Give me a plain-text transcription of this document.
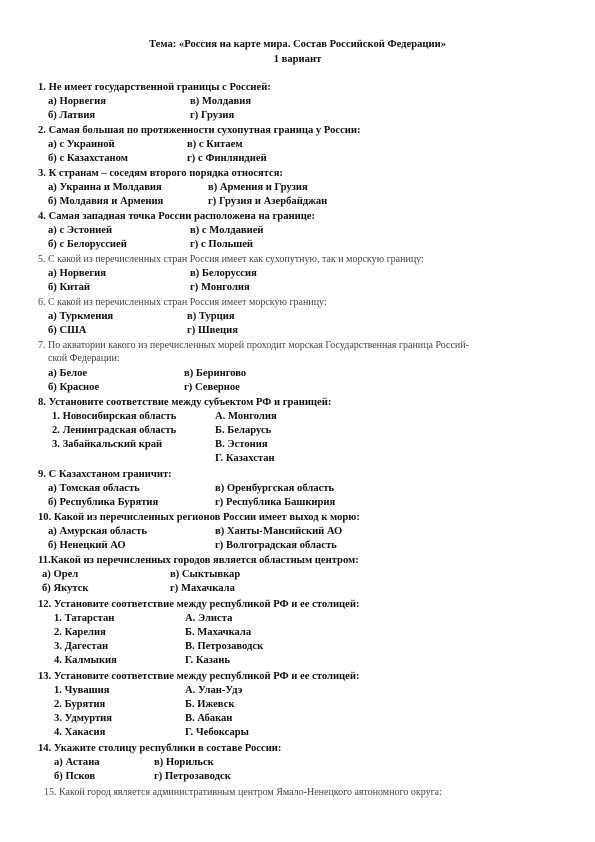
Тема: «Россия на карте мира. Состав Российской Федерации»
1 вариант
1. Не имеет государственной границы с Россией:
а) Норвегия	в) Молдавия
б) Латвия	г) Грузия
2. Самая большая по протяженности сухопутная граница у России:
а) с Украиной	в) с Китаем
б) с Казахстаном	г) с Финляндией
3. К странам – соседям второго порядка относятся:
а) Украина и Молдавия	в) Армения и Грузия
б) Молдавия и Армения	г) Грузия и Азербайджан
4. Самая западная точка России расположена на границе:
а) с Эстонией	в) с Молдавией
б) с Белоруссией	г) с Польшей
5. С какой из перечисленных стран Россия имеет как сухопутную, так и морскую границу:
а) Норвегия	в) Белоруссия
б) Китай	г) Монголия
6. С какой из перечисленных стран Россия имеет морскую границу:
а) Туркмения	в) Турция
б) США	г) Швеция
7. По акватории какого из перечисленных морей проходит морская Государственная граница Россий-
ской Федерации:
а) Белое	в) Берингово
б) Красное	г) Северное
8. Установите соответствие между субъектом РФ и границей:
1. Новосибирская область	А. Монголия
2. Ленинградская область	Б. Беларусь
3. Забайкальский край	В. Эстония
Г. Казахстан
9. С Казахстаном граничит:
а) Томская область	в) Оренбургская область
б) Республика Бурятия	г) Республика Башкирия
10. Какой из перечисленных регионов России имеет выход к морю:
а) Амурская область	в) Ханты-Мансийский АО
б) Ненецкий АО	г) Волгоградская область
11.Какой из перечисленных городов является областным центром:
а) Орел	в) Сыктывкар
б) Якутск	г) Махачкала
12. Установите соответствие между республикой РФ и ее столицей:
1. Татарстан	А. Элиста
2. Карелия	Б. Махачкала
3. Дагестан	В. Петрозаводск
4. Калмыкия	Г. Казань
13. Установите соответствие между республикой РФ и ее столицей:
1. Чувашия	А. Улан-Удэ
2. Бурятия	Б. Ижевск
3. Удмуртия	В. Абакан
4. Хакасия	Г. Чебоксары
14. Укажите столицу республики в составе России:
а) Астана	в) Норильск
б) Псков	г) Петрозаводск
15. Какой город является административным центром Ямало-Ненецкого автономного округа:
